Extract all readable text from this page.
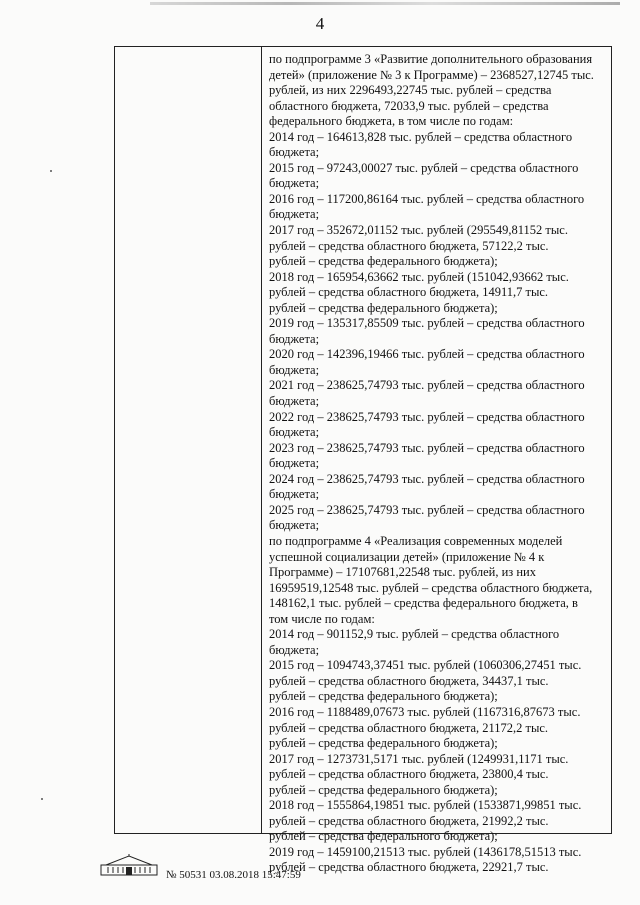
4
по подпрограмме 3 «Развитие дополнительного образования
детей» (приложение № 3 к Программе) – 2368527,12745 тыс.
рублей, из них 2296493,22745 тыс. рублей – средства
областного бюджета, 72033,9 тыс. рублей – средства
федерального бюджета, в том числе по годам:
2014 год – 164613,828 тыс. рублей – средства областного
бюджета;
2015 год – 97243,00027 тыс. рублей – средства областного
бюджета;
2016 год – 117200,86164 тыс. рублей – средства областного
бюджета;
2017 год – 352672,01152 тыс. рублей (295549,81152 тыс.
рублей – средства областного бюджета, 57122,2 тыс.
рублей – средства федерального бюджета);
2018 год – 165954,63662 тыс. рублей (151042,93662 тыс.
рублей – средства областного бюджета, 14911,7 тыс.
рублей – средства федерального бюджета);
2019 год – 135317,85509 тыс. рублей – средства областного
бюджета;
2020 год – 142396,19466 тыс. рублей – средства областного
бюджета;
2021 год – 238625,74793 тыс. рублей – средства областного
бюджета;
2022 год – 238625,74793 тыс. рублей – средства областного
бюджета;
2023 год – 238625,74793 тыс. рублей – средства областного
бюджета;
2024 год – 238625,74793 тыс. рублей – средства областного
бюджета;
2025 год – 238625,74793 тыс. рублей – средства областного
бюджета;
по подпрограмме 4 «Реализация современных моделей
успешной социализации детей» (приложение № 4 к
Программе) – 17107681,22548 тыс. рублей, из них
16959519,12548 тыс. рублей – средства областного бюджета,
148162,1 тыс. рублей – средства федерального бюджета, в
том числе по годам:
2014 год – 901152,9 тыс. рублей – средства областного
бюджета;
2015 год – 1094743,37451 тыс. рублей (1060306,27451 тыс.
рублей – средства областного бюджета, 34437,1 тыс.
рублей – средства федерального бюджета);
2016 год – 1188489,07673 тыс. рублей (1167316,87673 тыс.
рублей – средства областного бюджета, 21172,2 тыс.
рублей – средства федерального бюджета);
2017 год – 1273731,5171 тыс. рублей (1249931,1171 тыс.
рублей – средства областного бюджета, 23800,4 тыс.
рублей – средства федерального бюджета);
2018 год – 1555864,19851 тыс. рублей (1533871,99851 тыс.
рублей – средства областного бюджета, 21992,2 тыс.
рублей – средства федерального бюджета);
2019 год – 1459100,21513 тыс. рублей (1436178,51513 тыс.
рублей – средства областного бюджета, 22921,7 тыс.
№ 50531 03.08.2018 15:47:59
